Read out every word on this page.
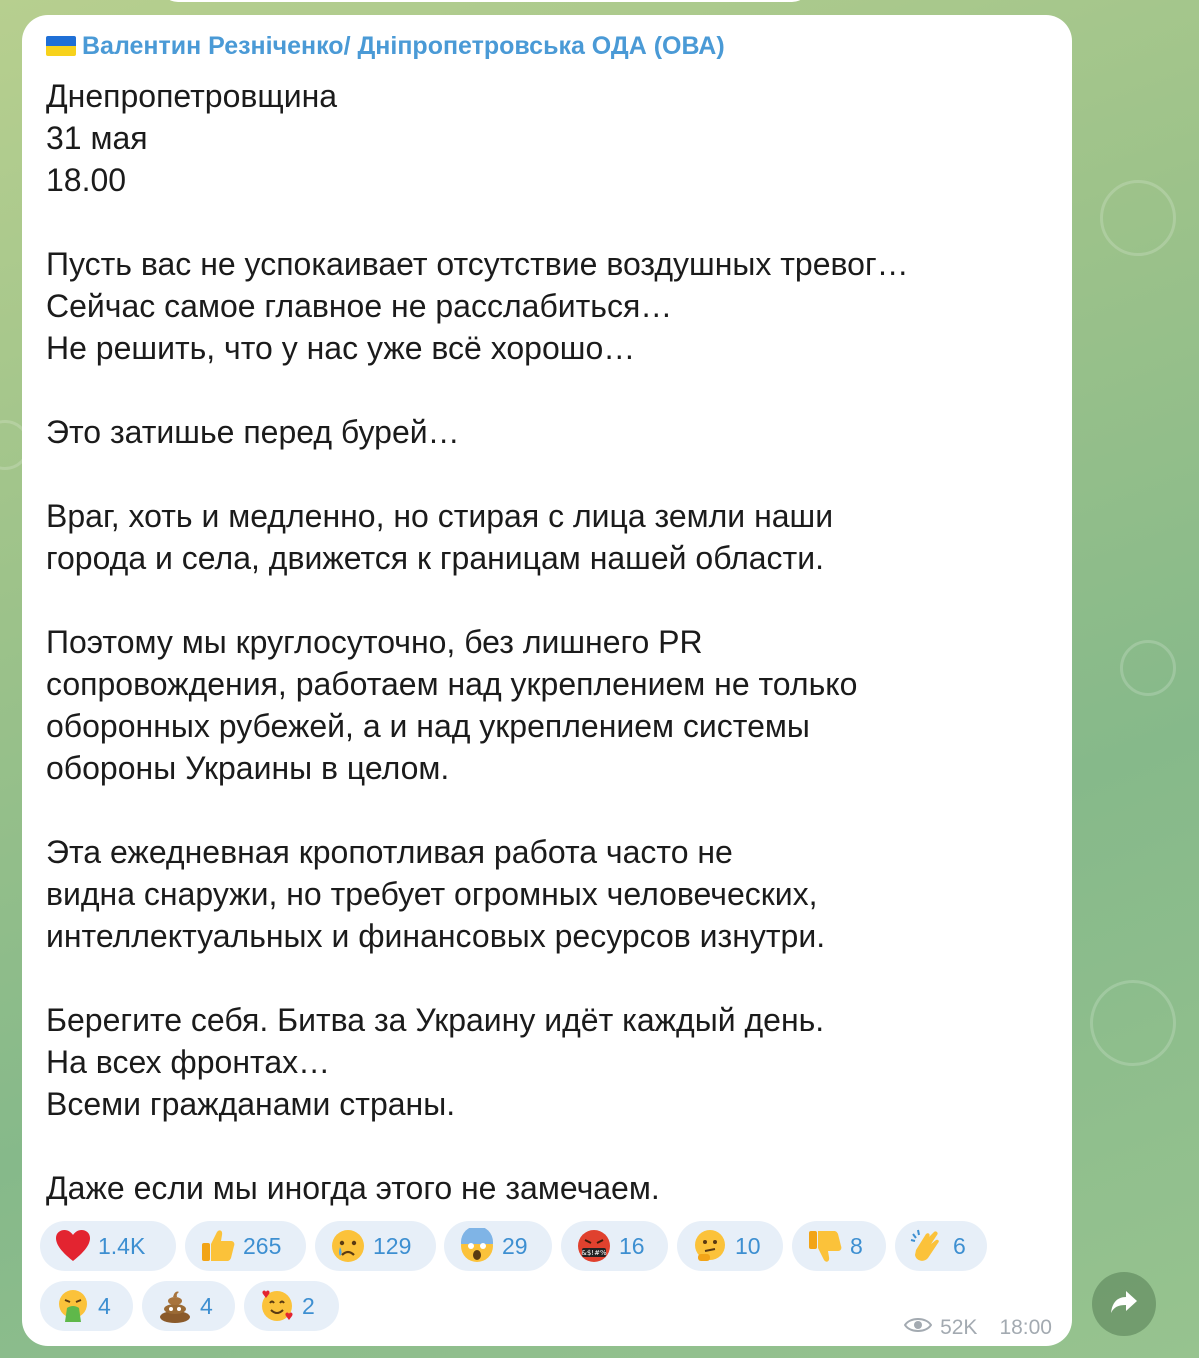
Валентин Резніченко/ Дніпропетровська ОДА (ОВА)
Днепропетровщина
31 мая
18.00
Пусть вас не успокаивает отсутствие воздушных тревог…
Сейчас самое главное не расслабиться…
Не решить, что у нас уже всё хорошо…
Это затишье перед бурей…
Враг, хоть и медленно, но стирая с лица земли наши
города и села, движется к границам нашей области.
Поэтому мы круглосуточно, без лишнего PR
сопровождения, работаем над укреплением не только
оборонных рубежей, а и над укреплением системы
обороны Украины в целом.
Эта ежедневная кропотливая работа часто не
видна снаружи, но требует огромных человеческих,
интеллектуальных и финансовых ресурсов изнутри.
Берегите себя. Битва за Украину идёт каждый день.
На всех фронтах…
Всеми гражданами страны.
Даже если мы иногда этого не замечаем.
1.4K	265	129	29	&$!#% 16	10	8	6
4	4	2
52K 18:00
